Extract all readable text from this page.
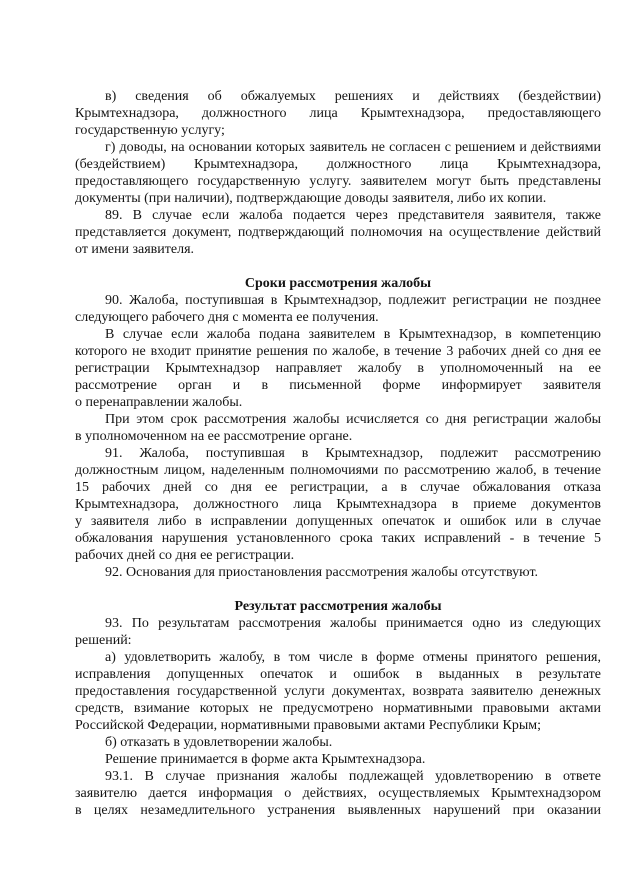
в) сведения об обжалуемых решениях и действиях (бездействии)
Крымтехнадзора, должностного лица Крымтехнадзора, предоставляющего
государственную услугу;
г) доводы, на основании которых заявитель не согласен с решением и действиями
(бездействием) Крымтехнадзора, должностного лица Крымтехнадзора,
предоставляющего государственную услугу. заявителем могут быть представлены
документы (при наличии), подтверждающие доводы заявителя, либо их копии.
89. В случае если жалоба подается через представителя заявителя, также
представляется документ, подтверждающий полномочия на осуществление действий
от имени заявителя.
Сроки рассмотрения жалобы
90. Жалоба, поступившая в Крымтехнадзор, подлежит регистрации не позднее
следующего рабочего дня с момента ее получения.
В случае если жалоба подана заявителем в Крымтехнадзор, в компетенцию
которого не входит принятие решения по жалобе, в течение 3 рабочих дней со дня ее
регистрации Крымтехнадзор направляет жалобу в уполномоченный на ее
рассмотрение орган и в письменной форме информирует заявителя
о перенаправлении жалобы.
При этом срок рассмотрения жалобы исчисляется со дня регистрации жалобы
в уполномоченном на ее рассмотрение органе.
91. Жалоба, поступившая в Крымтехнадзор, подлежит рассмотрению
должностным лицом, наделенным полномочиями по рассмотрению жалоб, в течение
15 рабочих дней со дня ее регистрации, а в случае обжалования отказа
Крымтехнадзора, должностного лица Крымтехнадзора в приеме документов
у заявителя либо в исправлении допущенных опечаток и ошибок или в случае
обжалования нарушения установленного срока таких исправлений - в течение 5
рабочих дней со дня ее регистрации.
92. Основания для приостановления рассмотрения жалобы отсутствуют.
Результат рассмотрения жалобы
93. По результатам рассмотрения жалобы принимается одно из следующих
решений:
а) удовлетворить жалобу, в том числе в форме отмены принятого решения,
исправления допущенных опечаток и ошибок в выданных в результате
предоставления государственной услуги документах, возврата заявителю денежных
средств, взимание которых не предусмотрено нормативными правовыми актами
Российской Федерации, нормативными правовыми актами Республики Крым;
б) отказать в удовлетворении жалобы.
Решение принимается в форме акта Крымтехнадзора.
93.1. В случае признания жалобы подлежащей удовлетворению в ответе
заявителю дается информация о действиях, осуществляемых Крымтехнадзором
в целях незамедлительного устранения выявленных нарушений при оказании
